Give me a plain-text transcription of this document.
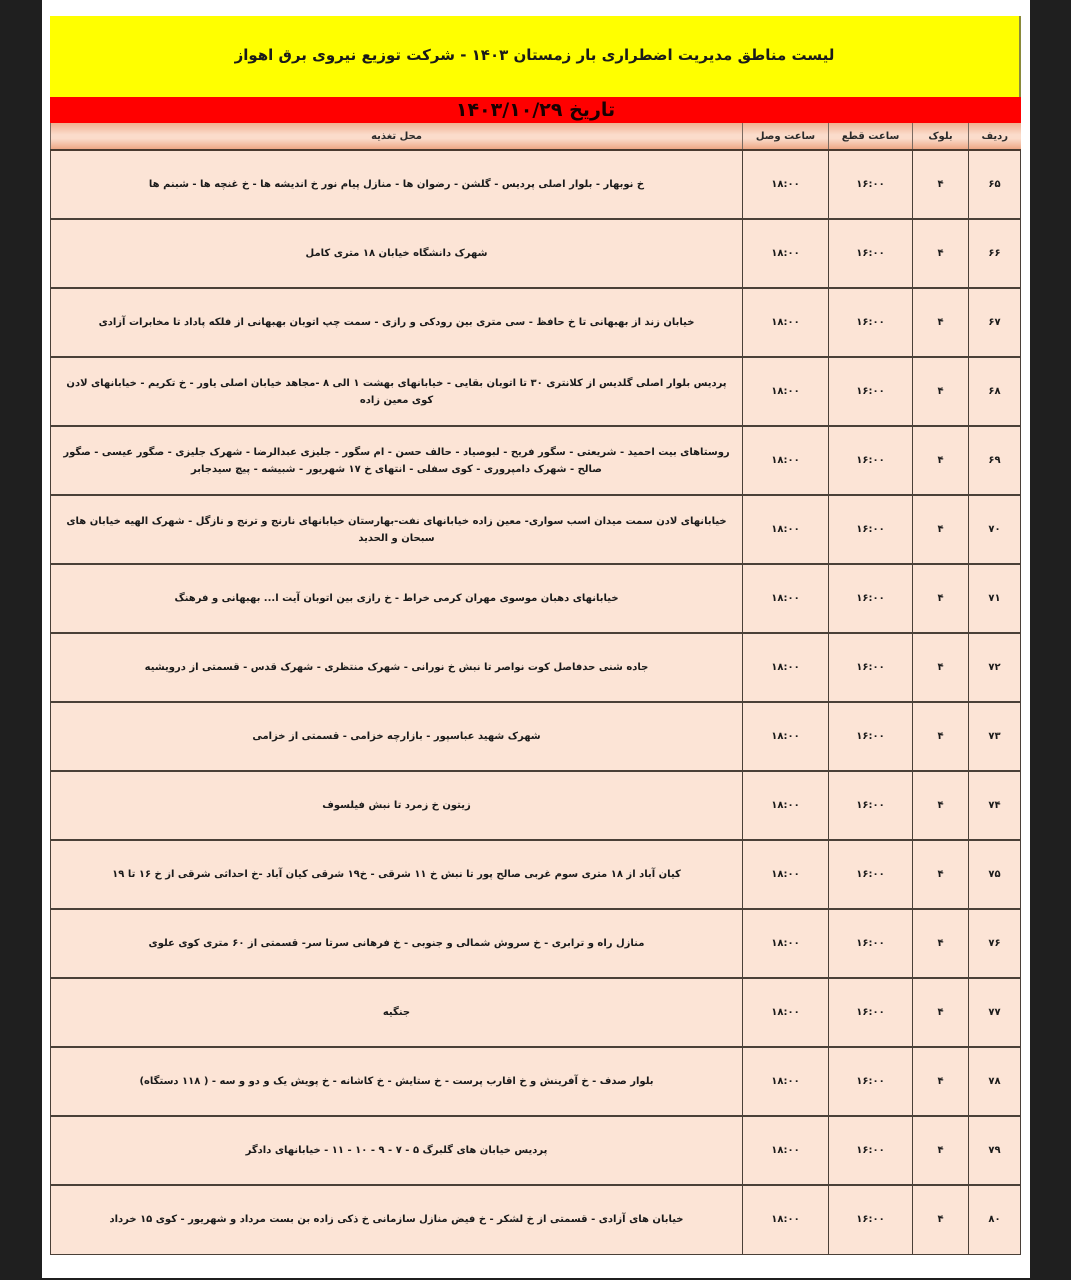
لیست مناطق مدیریت اضطراری بار زمستان ۱۴۰۳ - شرکت توزیع نیروی برق اهواز
تاریخ ۱۴۰۳/۱۰/۲۹
ردیف	بلوک	ساعت قطع	ساعت وصل	محل تغذیه
۶۵	۴	۱۶:۰۰	۱۸:۰۰	خ نوبهار - بلوار اصلی پردیس - گلشن - رضوان ها - منازل پیام نور خ اندیشه ها - خ غنچه ها - شبنم ها
۶۶	۴	۱۶:۰۰	۱۸:۰۰	شهرک دانشگاه خیابان ۱۸ متری کامل
۶۷	۴	۱۶:۰۰	۱۸:۰۰	خیابان زند از بهبهانی تا خ حافظ - سی متری بین رودکی و رازی - سمت چپ اتوبان بهبهانی از فلکه پاداد تا مخابرات آزادی
۶۸	۴	۱۶:۰۰	۱۸:۰۰	پردیس بلوار اصلی گلدیس از کلانتری ۳۰ تا اتوبان بقایی - خیابانهای بهشت ۱ الی ۸ -مجاهد خیابان اصلی یاور - خ تکریم - خیابانهای لادن کوی معین زاده
۶۹	۴	۱۶:۰۰	۱۸:۰۰	روستاهای بیت احمید - شریعتی - سگور فریح - لبوصیاد - حالف حسن - ام سگور - جلیزی عبدالرضا - شهرک جلیزی - صگور عیسی - صگور صالح - شهرک دامپروری - کوی سفلی - انتهای خ ۱۷ شهریور - شبیشه - پیچ سیدجابر
۷۰	۴	۱۶:۰۰	۱۸:۰۰	خیابانهای لادن سمت میدان اسب سواری- معین زاده خیابانهای نفت-بهارستان خیابانهای نارنج و ترنج و نازگل - شهرک الهیه خیابان های سبحان و الحدید
۷۱	۴	۱۶:۰۰	۱۸:۰۰	خیابانهای دهبان موسوی مهران کرمی خراط - خ رازی بین اتوبان آیت ا... بهبهانی و فرهنگ
۷۲	۴	۱۶:۰۰	۱۸:۰۰	جاده شنی حدفاصل کوت نواصر تا نبش خ نورانی - شهرک منتظری - شهرک قدس - قسمتی از درویشیه
۷۳	۴	۱۶:۰۰	۱۸:۰۰	شهرک شهید عباسپور - بازارچه خزامی - قسمتی از خزامی
۷۴	۴	۱۶:۰۰	۱۸:۰۰	زیتون خ زمرد تا نبش فیلسوف
۷۵	۴	۱۶:۰۰	۱۸:۰۰	کیان آباد از ۱۸ متری سوم غربی صالح پور تا نبش خ ۱۱ شرقی - خ۱۹ شرقی کیان آباد -خ احداثی شرقی از خ ۱۶ تا ۱۹
۷۶	۴	۱۶:۰۰	۱۸:۰۰	منازل راه و ترابری - خ سروش شمالی و جنوبی - خ فرهانی سرتا سر- قسمتی از ۶۰ متری کوی علوی
۷۷	۴	۱۶:۰۰	۱۸:۰۰	جنگیه
۷۸	۴	۱۶:۰۰	۱۸:۰۰	بلوار صدف - خ آفرینش و خ اقارب پرست - خ ستایش - خ کاشانه - خ پویش یک و دو و سه - ( ۱۱۸ دستگاه)
۷۹	۴	۱۶:۰۰	۱۸:۰۰	پردیس خیابان های گلبرگ ۵ - ۷ - ۹ - ۱۰ - ۱۱ - خیابانهای دادگر
۸۰	۴	۱۶:۰۰	۱۸:۰۰	خیابان های آزادی - قسمتی از خ لشکر - خ فیض منازل سازمانی خ ذکی زاده بن بست مرداد و شهریور - کوی ۱۵ خرداد
